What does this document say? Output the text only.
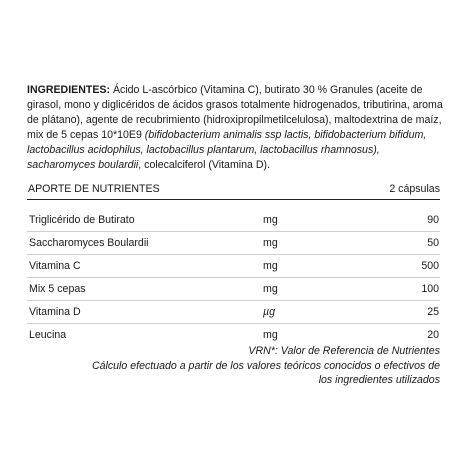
INGREDIENTES: Ácido L-ascórbico (Vitamina C), butirato 30 % Granules (aceite de girasol, mono y diglicéridos de ácidos grasos totalmente hidrogenados, tributirina, aroma de plátano), agente de recubrimiento (hidroxipropilmetilcelulosa), maltodextrina de maíz, mix de 5 cepas 10*10E9 (bifidobacterium animalis ssp lactis, bifidobacterium bifidum, lactobacillus acidophilus, lactobacillus plantarum, lactobacillus rhamnosus), sacharomyces boulardii, colecalciferol (Vitamina D).

APORTE DE NUTRIENTES	2 cápsulas
Triglicérido de Butirato	mg	90
Saccharomyces Boulardii	mg	50
Vitamina C	mg	500
Mix 5 cepas	mg	100
Vitamina D	µg	25
Leucina	mg	20

VRN*: Valor de Referencia de Nutrientes

Cálculo efectuado a partir de los valores teóricos conocidos o efectivos de los ingredientes utilizados
